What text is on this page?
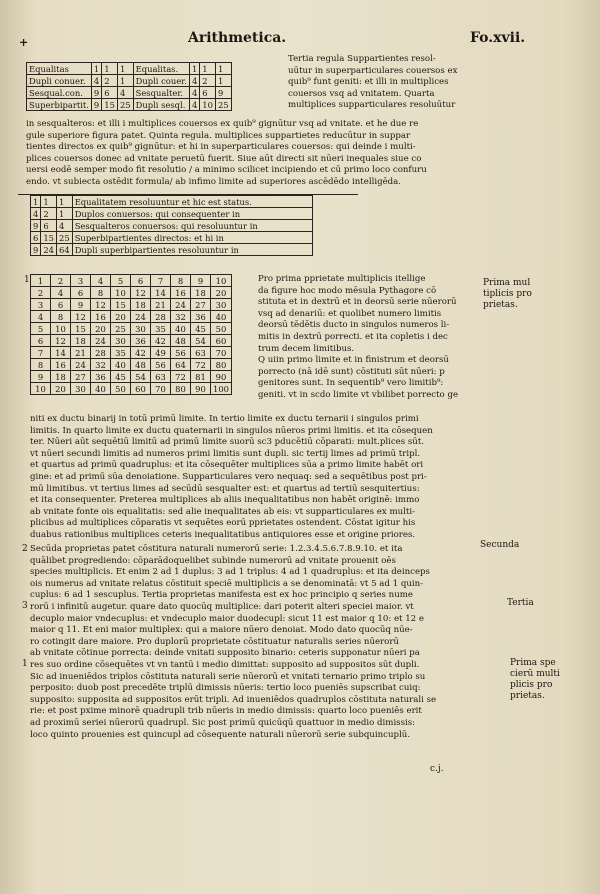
+	Arithmetica.	Fo.xvii.
Equalitas	1	1	1	Equalitas.	1	1	1
Dupli conuer.	4	2	1	Dupli couer.	4	2	1
Sesqual.con.	9	6	4	Sesqualter.	4	6	9
Superbipartit.	9	15	25	Dupli sesql.	4	10	25
Tertia regula Suppartientes resol-
uūtur in superparticulares couersos ex
quib⁹ funt geniti: et illi in multiplices
couersos vsq ad vnitatem. Quarta
multiplices supparticulares resoluūtur
in sesqualteros: et illi i multiplices couersos ex quib⁹ gignūtur vsq ad vnitate. et he due re
gule superiore figura patet. Quinta regula. multiplices suppartietes reducūtur in suppar
tientes directos ex quib⁹ gignūtur: et hi in superparticulares couersos: qui deinde i multi-
plices couersos donec ad vnitate peruetū fuerit. Siue aūt directi sit nūeri inequales siue co
uersi eodē semper modo fit resolutio / a minimo scilicet incipiendo et cū primo loco confuru
endo. vt subiecta ostēdit formula/ ab infimo limite ad superiores ascēdēdo intelligēda.
1	1	1	Equalitatem resoluuntur et hic est status.
4	2	1	Duplos conuersos: qui consequenter in
9	6	4	Sesqualteros conuersos: qui resoluuntur in
6	15	25	Superbipartientes directos: et hi in
9	24	64	Dupli superbipartientes resoluuntur in
1 1	2	3	4	5	6	7	8	9	10
2	4	6	8	10	12	14	16	18	20
3	6	9	12	15	18	21	24	27	30
4	8	12	16	20	24	28	32	36	40
5	10	15	20	25	30	35	40	45	50
6	12	18	24	30	36	42	48	54	60
7	14	21	28	35	42	49	56	63	70
8	16	24	32	40	48	56	64	72	80
9	18	27	36	45	54	63	72	81	90
10	20	30	40	50	60	70	80	90	100
Pro prima pprietate multiplicis itellige
da figure hoc modo mēsula Pythagore cō
stituta et in dextrū et in deorsū serie nūerorū
vsq ad denariū: et quolibet numero limitis
deorsū tēdētis ducto in singulos numeros li-
mitis in dextrū porrecti. et ita copletis i dec
trum decem limitibus.
Q uiin primo limite et in finistrum et deorsū
porrecto (nā idē sunt) cōstituti sūt nūeri: p
genitores sunt. In sequentib⁹ vero limitib⁹:
geniti. vt in scdo limite vt vbilibet porrecto ge
Prima mul tiplicis pro prietas.
niti ex ductu binarij in totū primū limite. In tertio limite ex ductu ternarii i singulos primi
limitis. In quarto limite ex ductu quaternarii in singulos nūeros primi limitis. et ita cōsequen
ter. Nūeri aūt sequētiū limitū ad primū limite suorū sc3 pducētiū cōparati: mult.plices sūt.
vt nūeri secundi limitis ad numeros primi limitis sunt dupli. sic tertij limes ad primū tripl.
et quartus ad primū quadruplus: et ita cōsequēter multiplices sūa a primo limite habēt ori
gine: et ad primū sūa denoiatione. Supparticulares vero nequaq: sed a sequētibus post pri-
mū limitibus. vt tertius limes ad secūdū sesqualter est: et quartus ad tertiū sesquitertius:
et ita consequenter. Preterea multiplices ab aliis inequalitatibus non habēt originē: immo
ab vnitate fonte ois equalitatis: sed alie inequalitates ab eis: vt supparticulares ex multi-
plicibus ad multiplices cōparatis vt sequētes eorū pprietates ostendent. Cōstat igitur his
duabus rationibus multiplices ceteris inequalitatibus antiquiores esse et origine priores.
2	Secunda
Secūda proprietas patet cōstitura naturali numerorū serie: 1.2.3.4.5.6.7.8.9.10. et ita
quālibet progrediendo: cōparādoquelibet subinde numerorū ad vnitate prouenit oēs
species multiplicis. Et enim 2 ad 1 duplus: 3 ad 1 triplus: 4 ad 1 quadruplus: et ita deinceps
ois numerus ad vnitate relatus cōstituit speciē multiplicis a se denominatā: vt 5 ad 1 quin-
cuplus: 6 ad 1 sescuplus. Tertia proprietas manifesta est ex hoc principio q series nume
rorū i infinitū augetur. quare dato quocūq multiplice: dari poterit alteri speciei maior. vt
decuplo maior vndecuplus: et vndecuplo maior duodecupl: sicut 11 est maior q 10: et 12 e
maior q 11. Et eni maior multiplex: qui a maiore nūero denoiat. Modo dato quocūq nūe-
ro cotingit dare maiore. Pro duplorū proprietate cōstituatur naturalis series nūerorū
ab vnitate cōtinue porrecta: deinde vnitati supposito binario: ceteris supponatur nūeri pa
res suo ordine cōsequētes vt vn tantū i medio dimittat: supposito ad suppositos sūt dupli.
Sic ad inueniēdos triplos cōstituta naturali serie nūerorū et vnitati ternario primo triplo su
perposito: duob post precedēte triplū dimissis nūeris: tertio loco pueniēs supscribat cuiq:
supposito: supposita ad suppositos erūt tripli. Ad inueniēdos quadruplos cōstituta naturali se
rie: et post pxime minorē quadrupli trib nūeris in medio dimissis: quarto loco pueniēs erit
ad proximū seriei nūerorū quadrupl. Sic post primū quicūqū quattuor in medio dimissis:
loco quinto prouenies est quincupl ad cōsequente naturali nūerorū serie subquincuplū.
3	Tertia
1	Prima spe cierū multi plicis pro prietas.
c.j.
